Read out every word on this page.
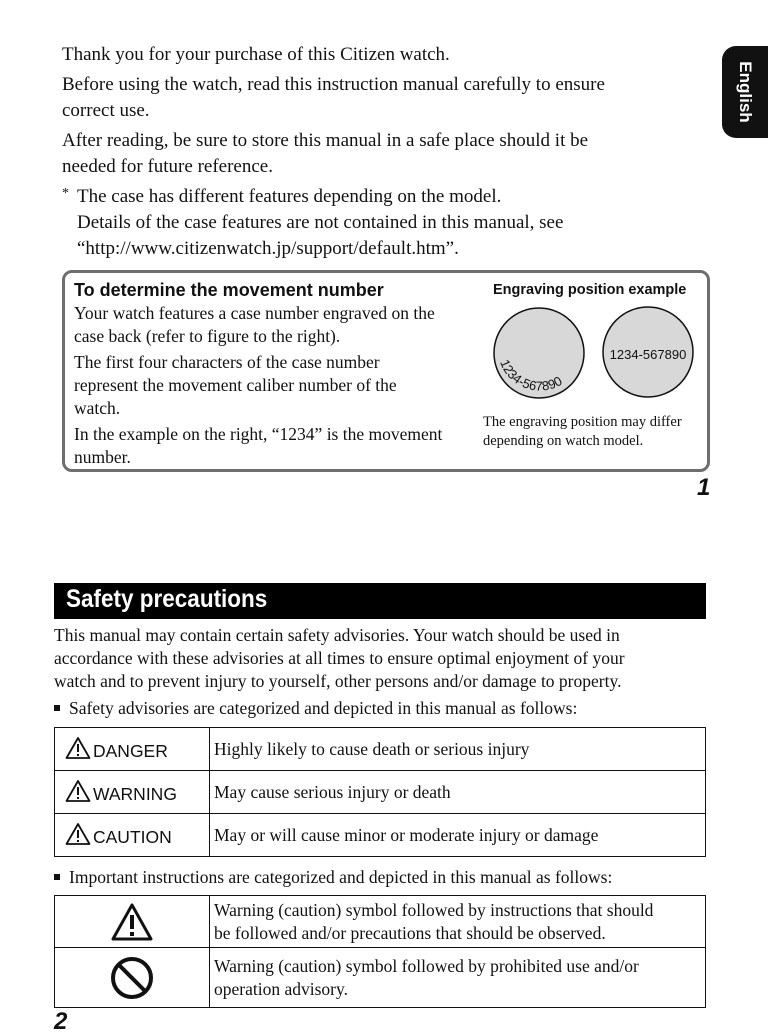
English
Thank you for your purchase of this Citizen watch.
Before using the watch, read this instruction manual carefully to ensure
correct use.
After reading, be sure to store this manual in a safe place should it be
needed for future reference.
* The case has different features depending on the model.
Details of the case features are not contained in this manual, see
“http://www.citizenwatch.jp/support/default.htm”.
To determine the movement number
Your watch features a case number engraved on the
case back (refer to figure to the right).
The first four characters of the case number
represent the movement caliber number of the
watch.
In the example on the right, “1234” is the movement
number.
Engraving position example
1234-567890
1234-567890
The engraving position may differ
depending on watch model.
1
Safety precautions
This manual may contain certain safety advisories. Your watch should be used in
accordance with these advisories at all times to ensure optimal enjoyment of your
watch and to prevent injury to yourself, other persons and/or damage to property.
Safety advisories are categorized and depicted in this manual as follows:
DANGER	Highly likely to cause death or serious injury
WARNING	May cause serious injury or death
CAUTION	May or will cause minor or moderate injury or damage
Important instructions are categorized and depicted in this manual as follows:

Warning (caution) symbol followed by instructions that should
be followed and/or precautions that should be observed.

Warning (caution) symbol followed by prohibited use and/or
operation advisory.
2
